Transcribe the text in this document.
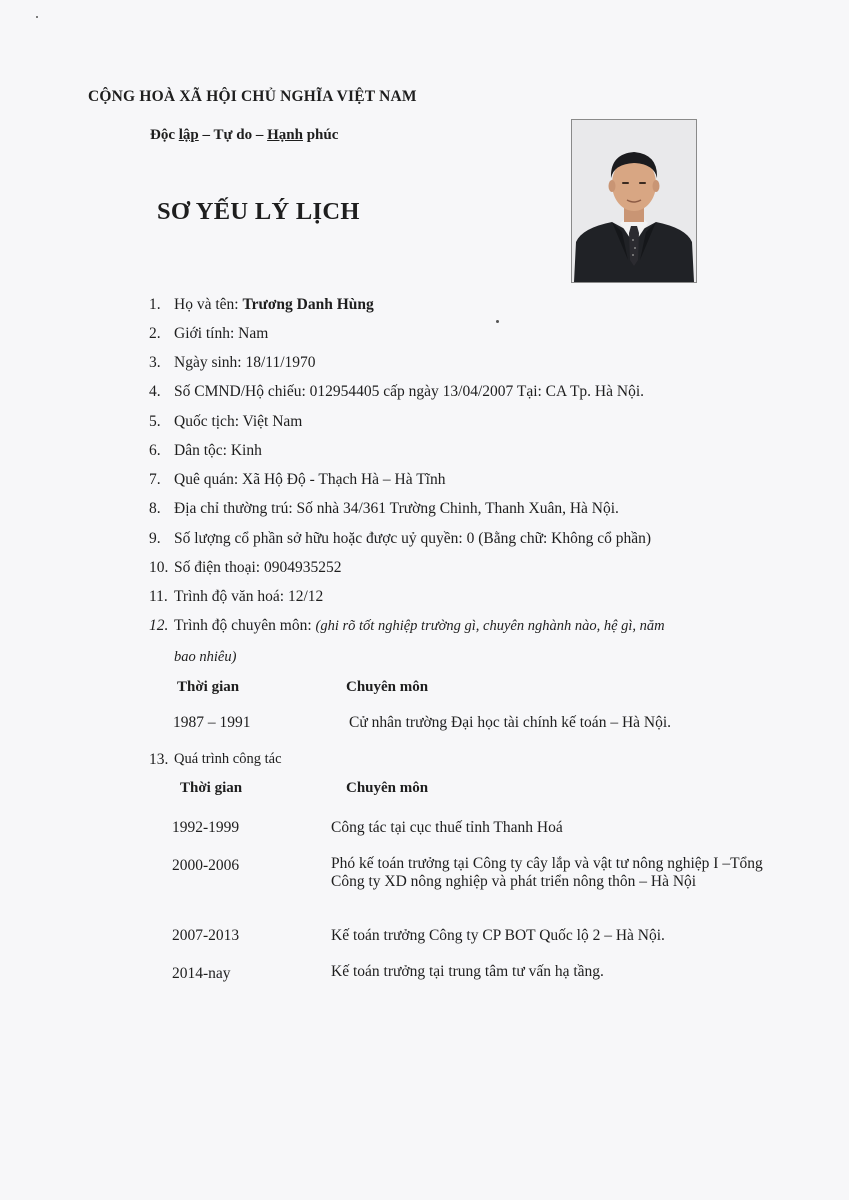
CỘNG HOÀ XÃ HỘI CHỦ NGHĨA VIỆT NAM
Độc lập – Tự do – Hạnh phúc
SƠ YẾU LÝ LỊCH
1. Họ và tên: Trương Danh Hùng
2. Giới tính: Nam
3. Ngày sinh: 18/11/1970
4. Số CMND/Hộ chiếu: 012954405 cấp ngày 13/04/2007 Tại: CA Tp. Hà Nội.
5. Quốc tịch: Việt Nam
6. Dân tộc: Kinh
7. Quê quán: Xã Hộ Độ - Thạch Hà – Hà Tĩnh
8. Địa chỉ thường trú: Số nhà 34/361 Trường Chinh, Thanh Xuân, Hà Nội.
9. Số lượng cổ phần sở hữu hoặc được uỷ quyền: 0 (Bằng chữ: Không cổ phần)
10. Số điện thoại: 0904935252
11. Trình độ văn hoá: 12/12
12. Trình độ chuyên môn: (ghi rõ tốt nghiệp trường gì, chuyên nghành nào, hệ gì, năm
bao nhiêu)
Thời gian	Chuyên môn
1987 – 1991	Cử nhân trường Đại học tài chính kế toán – Hà Nội.
13. Quá trình công tác
Thời gian	Chuyên môn
1992-1999	Công tác tại cục thuế tỉnh Thanh Hoá
2000-2006	Phó kế toán trưởng tại Công ty cây lắp và vật tư nông nghiệp I –Tổng Công ty XD nông nghiệp và phát triển nông thôn – Hà Nội
2007-2013	Kế toán trưởng Công ty CP BOT Quốc lộ 2 – Hà Nội.
2014-nay	Kế toán trưởng tại trung tâm tư vấn hạ tầng.
